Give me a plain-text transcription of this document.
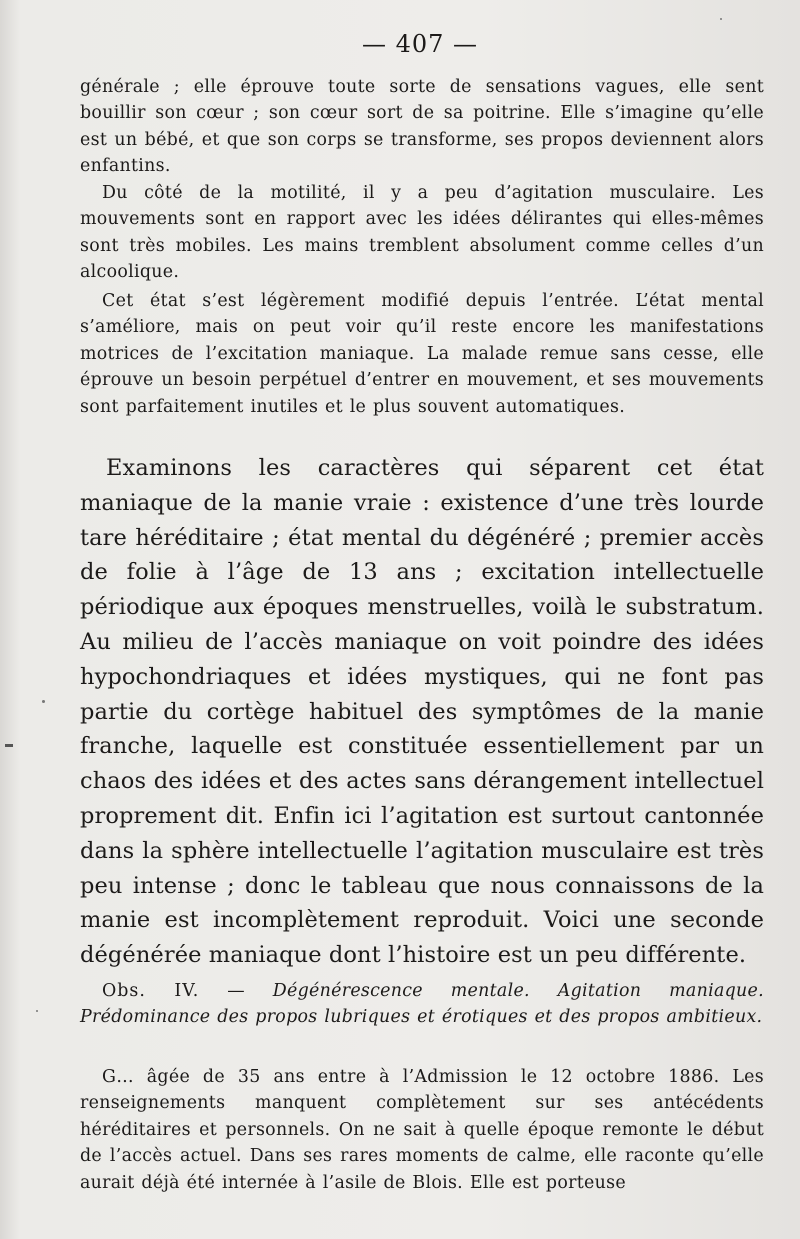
— 407 —

générale ; elle éprouve toute sorte de sensations vagues, elle sent bouillir son cœur ; son cœur sort de sa poitrine. Elle s’imagine qu’elle est un bébé, et que son corps se transforme, ses propos deviennent alors enfantins.

Du côté de la motilité, il y a peu d’agitation musculaire. Les mouvements sont en rapport avec les idées délirantes qui elles-mêmes sont très mobiles. Les mains tremblent absolument comme celles d’un alcoolique.

Cet état s’est légèrement modifié depuis l’entrée. L’état mental s’améliore, mais on peut voir qu’il reste encore les manifestations motrices de l’excitation maniaque. La malade remue sans cesse, elle éprouve un besoin perpétuel d’entrer en mouvement, et ses mouvements sont parfaitement inutiles et le plus souvent automatiques.

Examinons les caractères qui séparent cet état maniaque de la manie vraie : existence d’une très lourde tare héréditaire ; état mental du dégénéré ; premier accès de folie à l’âge de 13 ans ; excitation intellectuelle périodique aux époques menstruelles, voilà le substratum. Au milieu de l’accès maniaque on voit poindre des idées hypochondriaques et idées mystiques, qui ne font pas partie du cortège habituel des symptômes de la manie franche, laquelle est constituée essentiellement par un chaos des idées et des actes sans dérangement intellectuel proprement dit. Enfin ici l’agitation est surtout cantonnée dans la sphère intellectuelle l’agitation musculaire est très peu intense ; donc le tableau que nous connaissons de la manie est incomplètement reproduit. Voici une seconde dégénérée maniaque dont l’histoire est un peu différente.

Obs. IV. — Dégénérescence mentale. Agitation maniaque. Prédominance des propos lubriques et érotiques et des propos ambitieux.

G… âgée de 35 ans entre à l’Admission le 12 octobre 1886. Les renseignements manquent complètement sur ses antécédents héréditaires et personnels. On ne sait à quelle époque remonte le début de l’accès actuel. Dans ses rares moments de calme, elle raconte qu’elle aurait déjà été internée à l’asile de Blois. Elle est porteuse
